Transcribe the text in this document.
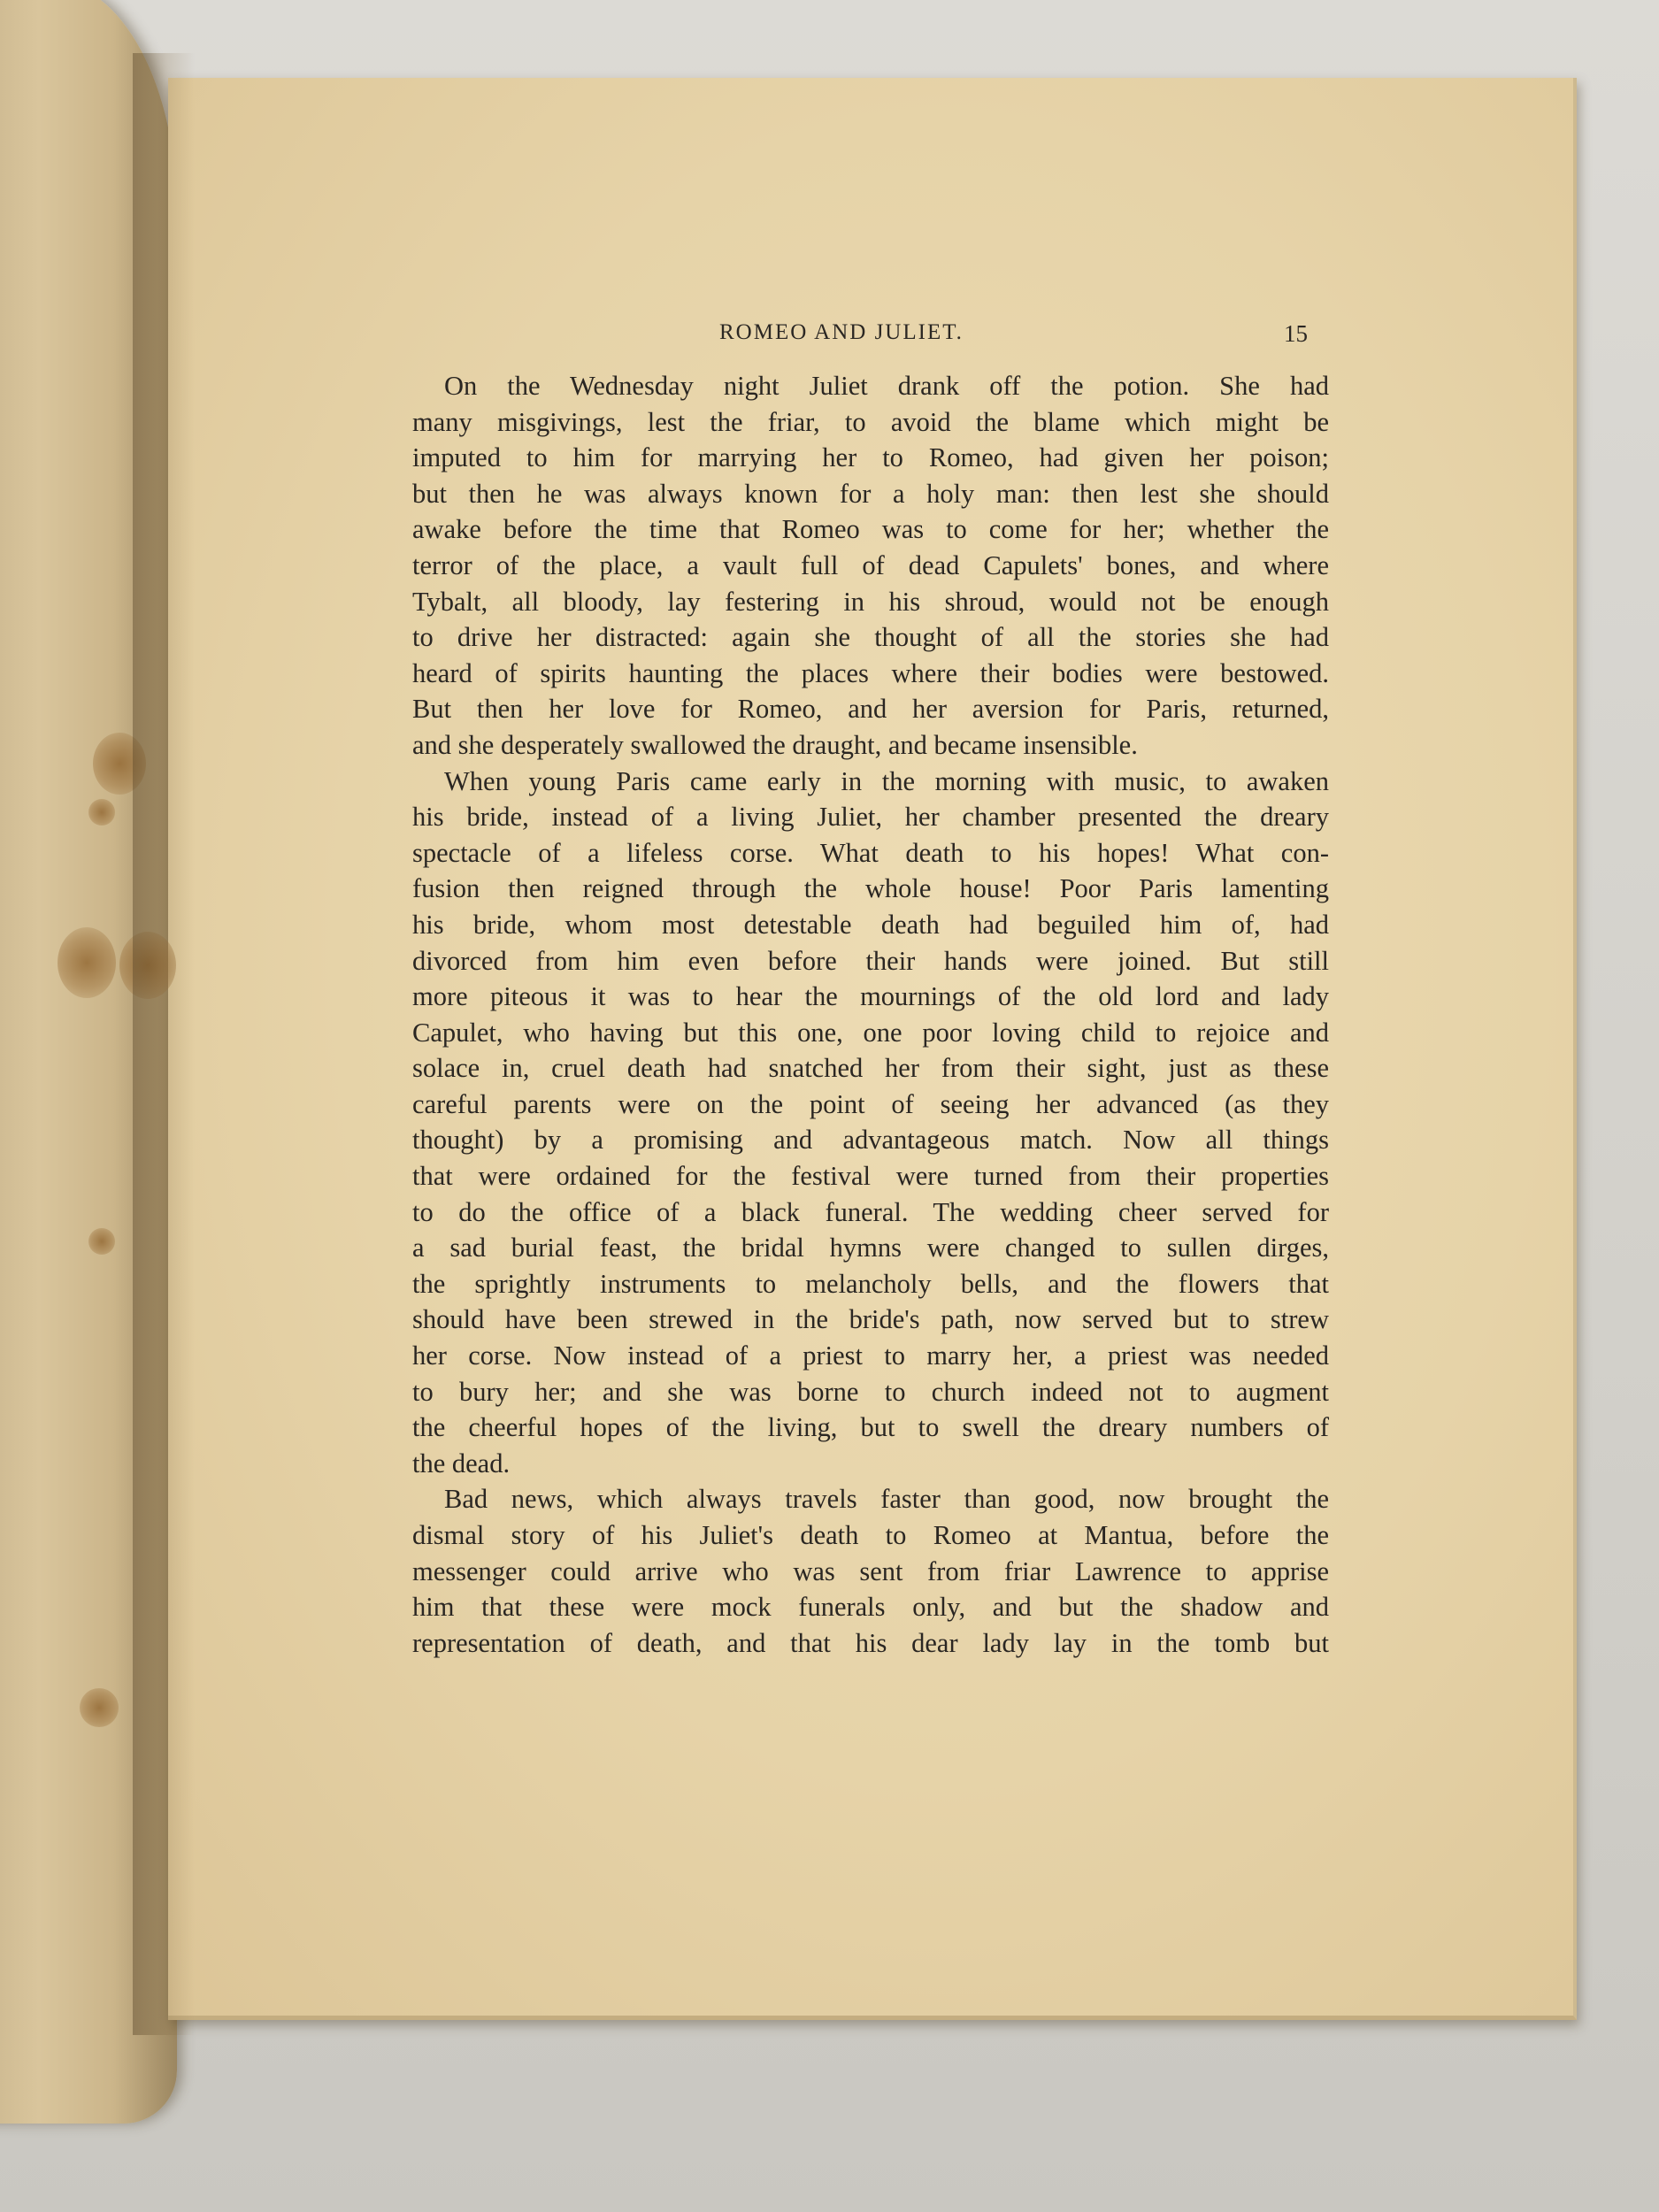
ROMEO AND JULIET.	15
On the Wednesday night Juliet drank off the potion. She had
many misgivings, lest the friar, to avoid the blame which might be
imputed to him for marrying her to Romeo, had given her poison;
but then he was always known for a holy man: then lest she should
awake before the time that Romeo was to come for her; whether the
terror of the place, a vault full of dead Capulets' bones, and where
Tybalt, all bloody, lay festering in his shroud, would not be enough
to drive her distracted: again she thought of all the stories she had
heard of spirits haunting the places where their bodies were bestowed.
But then her love for Romeo, and her aversion for Paris, returned,
and she desperately swallowed the draught, and became insensible.
When young Paris came early in the morning with music, to awaken
his bride, instead of a living Juliet, her chamber presented the dreary
spectacle of a lifeless corse. What death to his hopes! What con-
fusion then reigned through the whole house! Poor Paris lamenting
his bride, whom most detestable death had beguiled him of, had
divorced from him even before their hands were joined. But still
more piteous it was to hear the mournings of the old lord and lady
Capulet, who having but this one, one poor loving child to rejoice and
solace in, cruel death had snatched her from their sight, just as these
careful parents were on the point of seeing her advanced (as they
thought) by a promising and advantageous match. Now all things
that were ordained for the festival were turned from their properties
to do the office of a black funeral. The wedding cheer served for
a sad burial feast, the bridal hymns were changed to sullen dirges,
the sprightly instruments to melancholy bells, and the flowers that
should have been strewed in the bride's path, now served but to strew
her corse. Now instead of a priest to marry her, a priest was needed
to bury her; and she was borne to church indeed not to augment
the cheerful hopes of the living, but to swell the dreary numbers of
the dead.
Bad news, which always travels faster than good, now brought the
dismal story of his Juliet's death to Romeo at Mantua, before the
messenger could arrive who was sent from friar Lawrence to apprise
him that these were mock funerals only, and but the shadow and
representation of death, and that his dear lady lay in the tomb but
